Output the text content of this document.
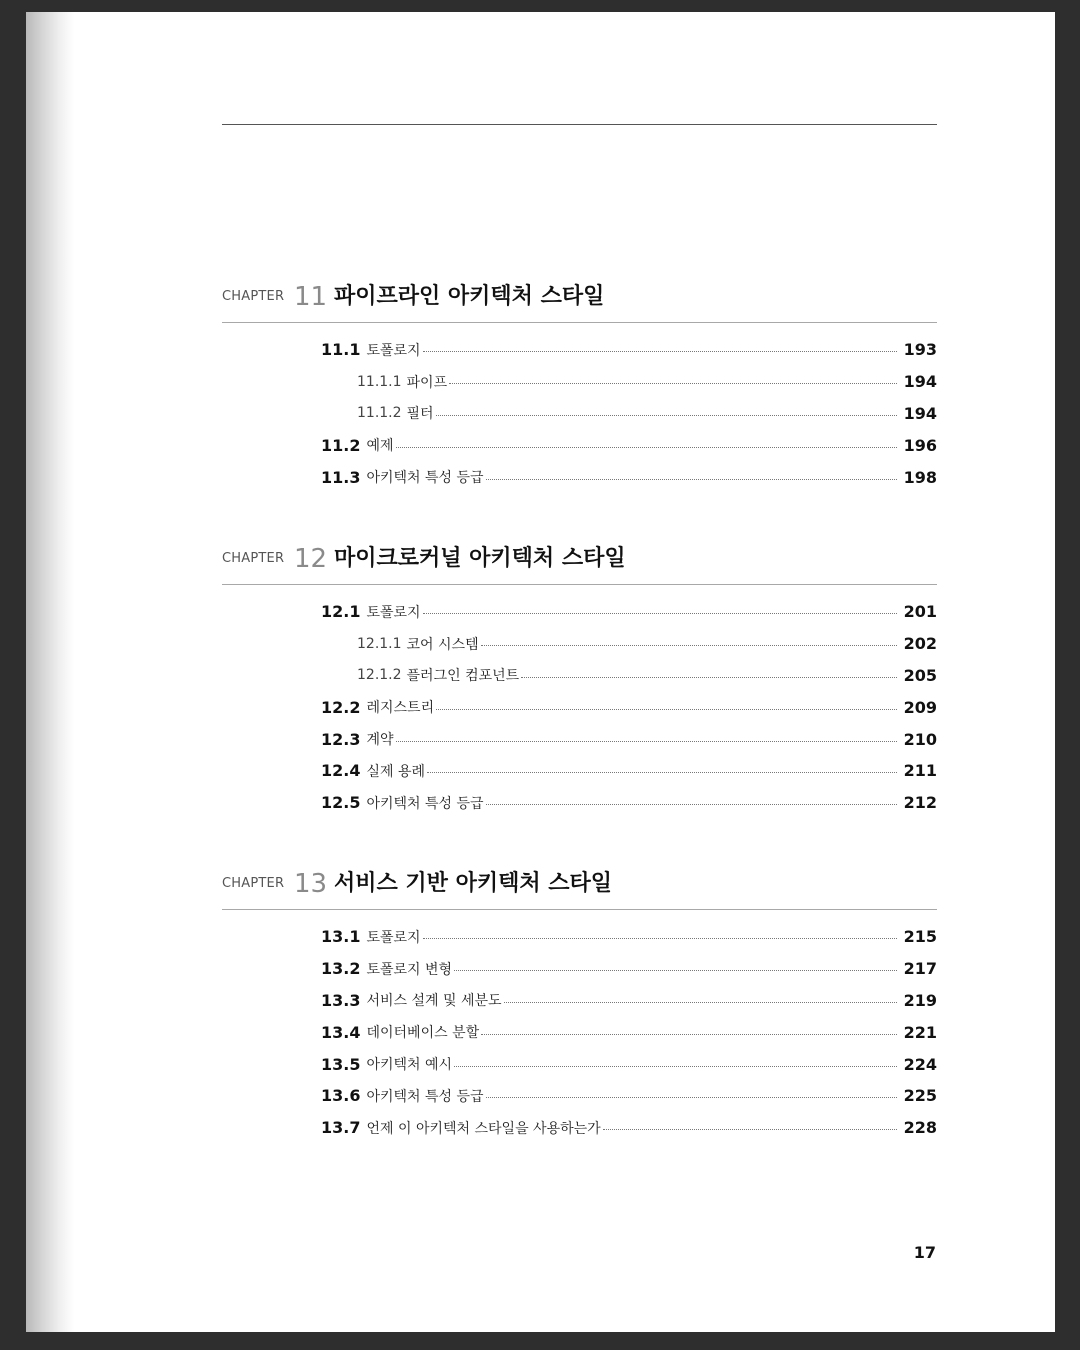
CHAPTER 11 파이프라인 아키텍처 스타일
11.1 토폴로지	193
11.1.1 파이프	194
11.1.2 필터	194
11.2 예제	196
11.3 아키텍처 특성 등급	198
CHAPTER 12 마이크로커널 아키텍처 스타일
12.1 토폴로지	201
12.1.1 코어 시스템	202
12.1.2 플러그인 컴포넌트	205
12.2 레지스트리	209
12.3 계약	210
12.4 실제 용례	211
12.5 아키텍처 특성 등급	212
CHAPTER 13 서비스 기반 아키텍처 스타일
13.1 토폴로지	215
13.2 토폴로지 변형	217
13.3 서비스 설계 및 세분도	219
13.4 데이터베이스 분할	221
13.5 아키텍처 예시	224
13.6 아키텍처 특성 등급	225
13.7 언제 이 아키텍처 스타일을 사용하는가	228
17
